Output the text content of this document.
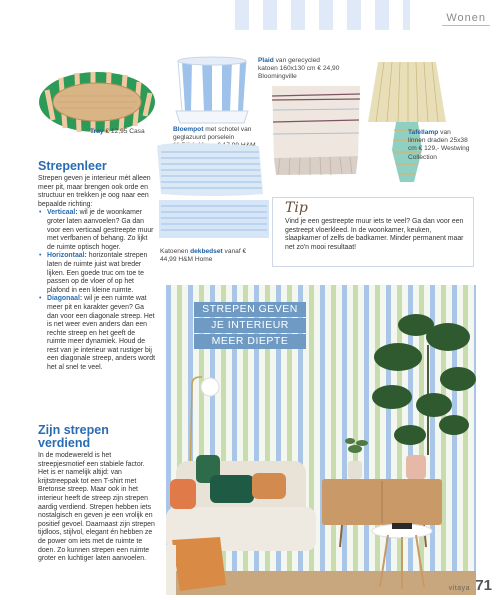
Wonen
Tray € 12,95 Casa	Bloempot met schotel van geglazuurd porselein
Plaid van gerecycled katoen 160x130 cm € 24,90 Bloomingville
Tafellamp van linnen draden 25x38 cm € 129,- Westwing Collection
Katoenen dekbedset vanaf € 44,99 H&M Home
Tip
Vind je een gestreepte muur iets te veel? Ga dan voor een gestreept vloerkleed. In de woonkamer, keuken, slaapkamer of zelfs de badkamer. Minder permanent maar net zo'n mooi resultaat!
Strepenleer
Strepen geven je interieur mét alleen meer pit, maar brengen ook orde en structuur en trekken je oog naar een bepaalde richting:
• Verticaal: wil je de woonkamer groter laten aanvoelen? Ga dan voor een verticaal gestreepte muur met verfbanen of behang. Zo lijkt de ruimte optisch hoger.
• Horizontaal: horizontale strepen laten de ruimte juist wat breder lijken. Een goede truc om toe te passen op de vloer of op het plafond in een kleine ruimte.
• Diagonaal: wil je een ruimte wat meer pit en karakter geven? Ga dan voor een diagonale streep. Het is net weer even anders dan een rechte streep en het geeft de ruimte meer dynamiek. Houd de rest van je interieur wat rustiger bij een diagonale streep, anders wordt het al snel te veel.
Zijn strepen verdiend
In de modewereld is het streepjesmotief een stabiele factor. Het is er namelijk altijd: van krijtstreeppak tot een T-shirt met Bretonse streep. Maar ook in het interieur heeft de streep zijn strepen aardig verdiend. Strepen hebben iets nostalgisch en geven je een vrolijk en positief gevoel. Daarnaast zijn strepen tijdloos, stijlvol, elegant én hebben ze de power om iets met de ruimte te doen. Zo kunnen strepen een ruimte groter en luchtiger laten aanvoelen.
STREPEN GEVEN
JE INTERIEUR
MEER DIEPTE
vitaya 71
